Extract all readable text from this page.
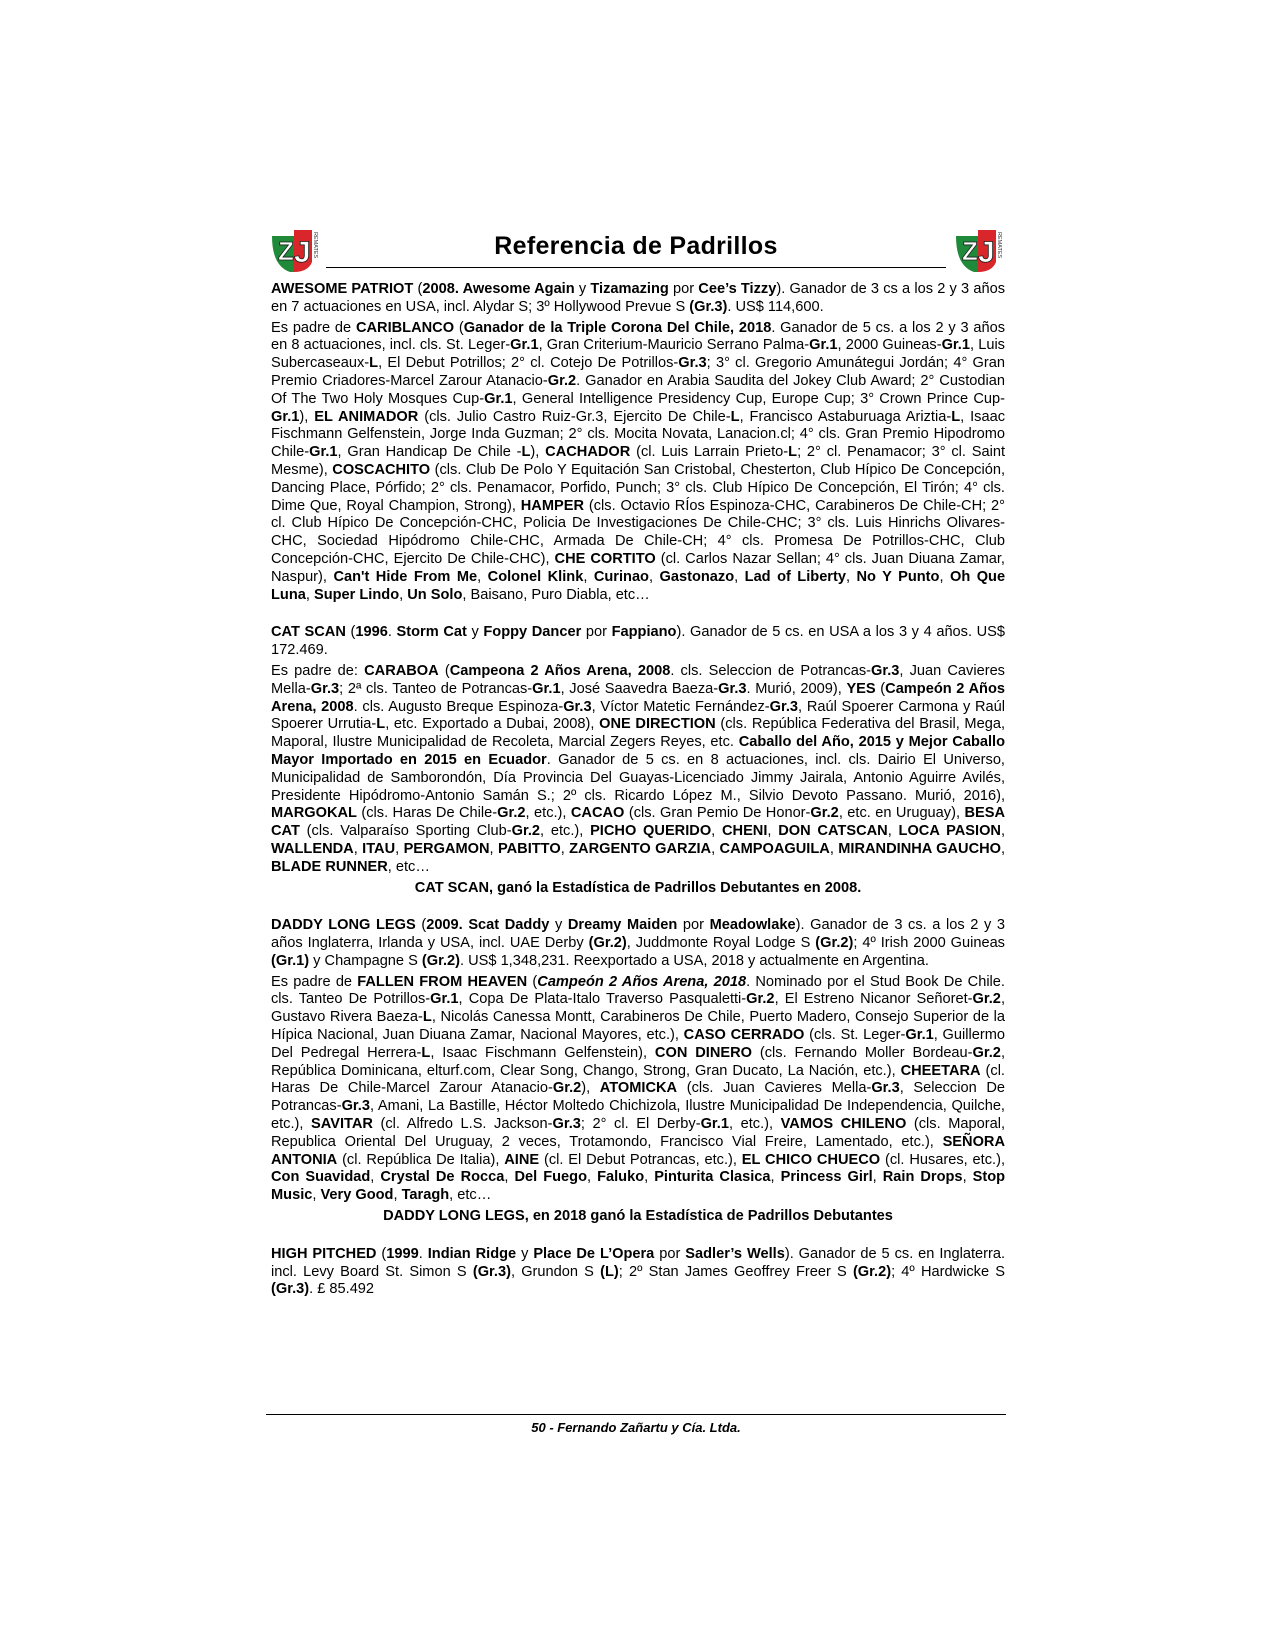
Z J REMATES	Referencia de Padrillos	Z J REMATES

AWESOME PATRIOT (2008. Awesome Again y Tizamazing por Cee’s Tizzy). Ganador de 3 cs a los 2 y 3 años en 7 actuaciones en USA, incl. Alydar S; 3º Hollywood Prevue S (Gr.3). US$ 114,600.

Es padre de CARIBLANCO (Ganador de la Triple Corona Del Chile, 2018. Ganador de 5 cs. a los 2 y 3 años en 8 actuaciones, incl. cls. St. Leger-Gr.1, Gran Criterium-Mauricio Serrano Palma-Gr.1, 2000 Guineas-Gr.1, Luis Subercaseaux-L, El Debut Potrillos; 2° cl. Cotejo De Potrillos-Gr.3; 3° cl. Gregorio Amunátegui Jordán; 4° Gran Premio Criadores-Marcel Zarour Atanacio-Gr.2. Ganador en Arabia Saudita del Jokey Club Award; 2° Custodian Of The Two Holy Mosques Cup-Gr.1, General Intelligence Presidency Cup, Europe Cup; 3° Crown Prince Cup-Gr.1), EL ANIMADOR (cls. Julio Castro Ruiz-Gr.3, Ejercito De Chile-L, Francisco Astaburuaga Ariztia-L, Isaac Fischmann Gelfenstein, Jorge Inda Guzman; 2° cls. Mocita Novata, Lanacion.cl; 4° cls. Gran Premio Hipodromo Chile-Gr.1, Gran Handicap De Chile -L), CACHADOR (cl. Luis Larrain Prieto-L; 2° cl. Penamacor; 3° cl. Saint Mesme), COSCACHITO (cls. Club De Polo Y Equitación San Cristobal, Chesterton, Club Hípico De Concepción, Dancing Place, Pórfido; 2° cls. Penamacor, Porfido, Punch; 3° cls. Club Hípico De Concepción, El Tirón; 4° cls. Dime Que, Royal Champion, Strong), HAMPER (cls. Octavio RÍos Espinoza-CHC, Carabineros De Chile-CH; 2° cl. Club Hípico De Concepción-CHC, Policia De Investigaciones De Chile-CHC; 3° cls. Luis Hinrichs Olivares-CHC, Sociedad Hipódromo Chile-CHC, Armada De Chile-CH; 4° cls. Promesa De Potrillos-CHC, Club Concepción-CHC, Ejercito De Chile-CHC), CHE CORTITO (cl. Carlos Nazar Sellan; 4° cls. Juan Diuana Zamar, Naspur), Can't Hide From Me, Colonel Klink, Curinao, Gastonazo, Lad of Liberty, No Y Punto, Oh Que Luna, Super Lindo, Un Solo, Baisano, Puro Diabla, etc…

CAT SCAN (1996. Storm Cat y Foppy Dancer por Fappiano). Ganador de 5 cs. en USA a los 3 y 4 años. US$ 172.469.

Es padre de: CARABOA (Campeona 2 Años Arena, 2008. cls. Seleccion de Potrancas-Gr.3, Juan Cavieres Mella-Gr.3; 2ª cls. Tanteo de Potrancas-Gr.1, José Saavedra Baeza-Gr.3. Murió, 2009), YES (Campeón 2 Años Arena, 2008. cls. Augusto Breque Espinoza-Gr.3, Víctor Matetic Fernández-Gr.3, Raúl Spoerer Carmona y Raúl Spoerer Urrutia-L, etc. Exportado a Dubai, 2008), ONE DIRECTION (cls. República Federativa del Brasil, Mega, Maporal, Ilustre Municipalidad de Recoleta, Marcial Zegers Reyes, etc. Caballo del Año, 2015 y Mejor Caballo Mayor Importado en 2015 en Ecuador. Ganador de 5 cs. en 8 actuaciones, incl. cls. Dairio El Universo, Municipalidad de Samborondón, Día Provincia Del Guayas-Licenciado Jimmy Jairala, Antonio Aguirre Avilés, Presidente Hipódromo-Antonio Samán S.; 2º cls. Ricardo López M., Silvio Devoto Passano. Murió, 2016), MARGOKAL (cls. Haras De Chile-Gr.2, etc.), CACAO (cls. Gran Pemio De Honor-Gr.2, etc. en Uruguay), BESA CAT (cls. Valparaíso Sporting Club-Gr.2, etc.), PICHO QUERIDO, CHENI, DON CATSCAN, LOCA PASION, WALLENDA, ITAU, PERGAMON, PABITTO, ZARGENTO GARZIA, CAMPOAGUILA, MIRANDINHA GAUCHO, BLADE RUNNER, etc…

CAT SCAN, ganó la Estadística de Padrillos Debutantes en 2008.

DADDY LONG LEGS (2009. Scat Daddy y Dreamy Maiden por Meadowlake). Ganador de 3 cs. a los 2 y 3 años Inglaterra, Irlanda y USA, incl. UAE Derby (Gr.2), Juddmonte Royal Lodge S (Gr.2); 4º Irish 2000 Guineas (Gr.1) y Champagne S (Gr.2). US$ 1,348,231. Reexportado a USA, 2018 y actualmente en Argentina.

Es padre de FALLEN FROM HEAVEN (Campeón 2 Años Arena, 2018. Nominado por el Stud Book De Chile. cls. Tanteo De Potrillos-Gr.1, Copa De Plata-Italo Traverso Pasqualetti-Gr.2, El Estreno Nicanor Señoret-Gr.2, Gustavo Rivera Baeza-L, Nicolás Canessa Montt, Carabineros De Chile, Puerto Madero, Consejo Superior de la Hípica Nacional, Juan Diuana Zamar, Nacional Mayores, etc.), CASO CERRADO (cls. St. Leger-Gr.1, Guillermo Del Pedregal Herrera-L, Isaac Fischmann Gelfenstein), CON DINERO (cls. Fernando Moller Bordeau-Gr.2, República Dominicana, elturf.com, Clear Song, Chango, Strong, Gran Ducato, La Nación, etc.), CHEETARA (cl. Haras De Chile-Marcel Zarour Atanacio-Gr.2), ATOMICKA (cls. Juan Cavieres Mella-Gr.3, Seleccion De Potrancas-Gr.3, Amani, La Bastille, Héctor Moltedo Chichizola, Ilustre Municipalidad De Independencia, Quilche, etc.), SAVITAR (cl. Alfredo L.S. Jackson-Gr.3; 2° cl. El Derby-Gr.1, etc.), VAMOS CHILENO (cls. Maporal, Republica Oriental Del Uruguay, 2 veces, Trotamondo, Francisco Vial Freire, Lamentado, etc.), SEÑORA ANTONIA (cl. República De Italia), AINE (cl. El Debut Potrancas, etc.), EL CHICO CHUECO (cl. Husares, etc.), Con Suavidad, Crystal De Rocca, Del Fuego, Faluko, Pinturita Clasica, Princess Girl, Rain Drops, Stop Music, Very Good, Taragh, etc…

DADDY LONG LEGS, en 2018 ganó la Estadística de Padrillos Debutantes

HIGH PITCHED (1999. Indian Ridge y Place De L’Opera por Sadler’s Wells). Ganador de 5 cs. en Inglaterra. incl. Levy Board St. Simon S (Gr.3), Grundon S (L); 2º Stan James Geoffrey Freer S (Gr.2); 4º Hardwicke S (Gr.3). £ 85.492

50 - Fernando Zañartu y Cía. Ltda.
